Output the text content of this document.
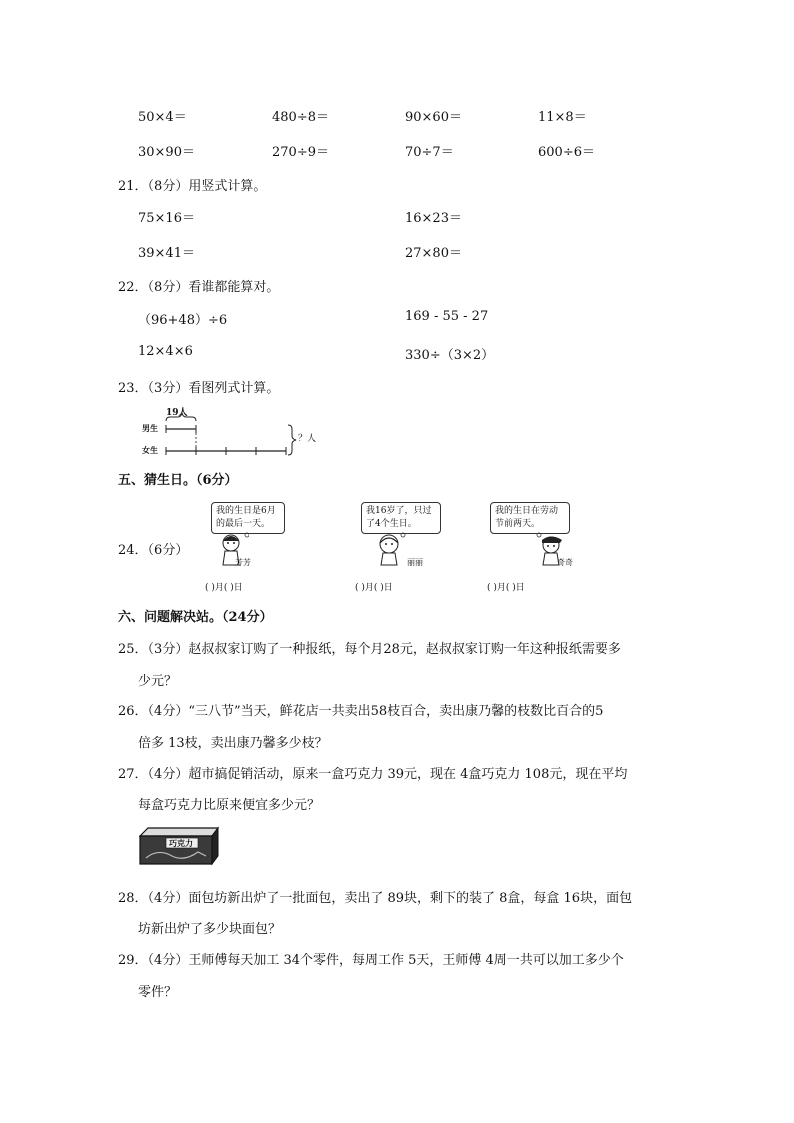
50×4＝	480÷8＝	90×60＝	11×8＝
30×90＝	270÷9＝	70÷7＝	600÷6＝
21．（8分）用竖式计算。
75×16＝	16×23＝
39×41＝	27×80＝
22．（8分）看谁都能算对。
（96+48）÷6	169 - 55 - 27
12×4×6	330÷（3×2）
23．（3分）看图列式计算。
19人
男生
女生
？人
五、猜生日。（6分）
24．（6分）
我的生日是6月的最后一天。
芳芳
( )月( )日
我16岁了，只过了4个生日。
丽丽
( )月( )日
我的生日在劳动节前两天。
奇奇
( )月( )日
六、问题解决站。（24分）
25．（3分）赵叔叔家订购了一种报纸，每个月28元，赵叔叔家订购一年这种报纸需要多
少元？
26．（4分）“三八节”当天，鲜花店一共卖出58枝百合，卖出康乃馨的枝数比百合的5
倍多 13枝，卖出康乃馨多少枝？
27．（4分）超市搞促销活动，原来一盒巧克力 39元，现在 4盒巧克力 108元，现在平均
每盒巧克力比原来便宜多少元？
巧克力
28．（4分）面包坊新出炉了一批面包，卖出了 89块，剩下的装了 8盒，每盒 16块，面包
坊新出炉了多少块面包？
29．（4分）王师傅每天加工 34个零件，每周工作 5天，王师傅 4周一共可以加工多少个
零件？
